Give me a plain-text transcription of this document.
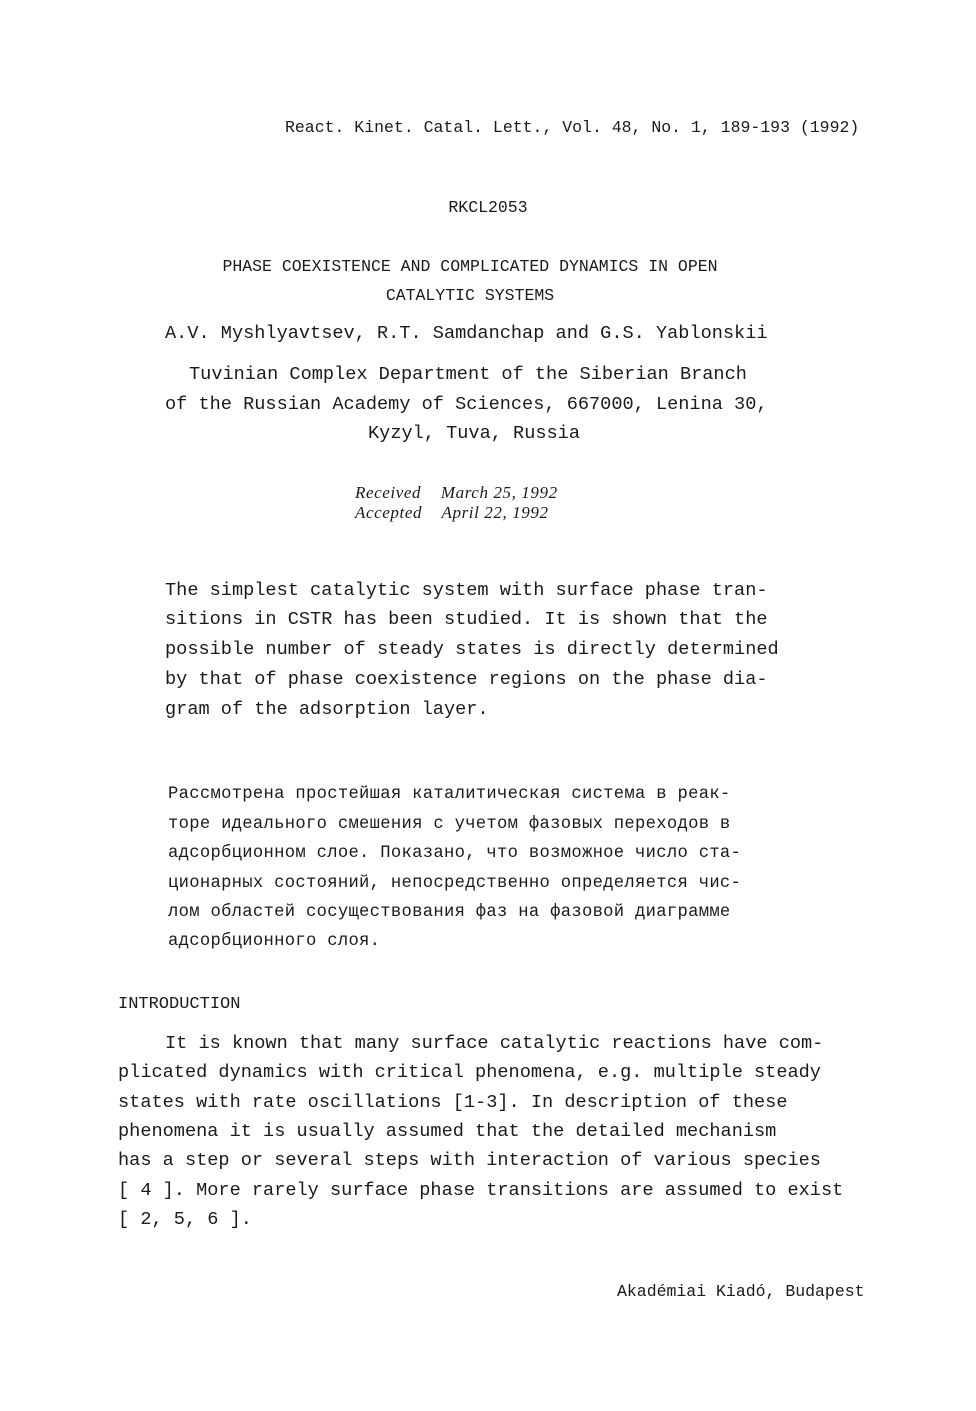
React. Kinet. Catal. Lett., Vol. 48, No. 1, 189-193 (1992)
RKCL2053
PHASE COEXISTENCE AND COMPLICATED DYNAMICS IN OPEN
CATALYTIC SYSTEMS
A.V. Myshlyavtsev, R.T. Samdanchap and G.S. Yablonskii
Tuvinian Complex Department of the Siberian Branch
of the Russian Academy of Sciences, 667000, Lenina 30,
Kyzyl, Tuva, Russia
Received March 25, 1992
Accepted April 22, 1992
The simplest catalytic system with surface phase tran-
sitions in CSTR has been studied. It is shown that the
possible number of steady states is directly determined
by that of phase coexistence regions on the phase dia-
gram of the adsorption layer.
Рассмотрена простейшая каталитическая система в реак-
торе идеального смешения с учетом фазовых переходов в
адсорбционном слое. Показано, что возможное число ста-
ционарных состояний, непосредственно определяется чис-
лом областей сосуществования фаз на фазовой диаграмме
адсорбционного слоя.
INTRODUCTION
It is known that many surface catalytic reactions have com-
plicated dynamics with critical phenomena, e.g. multiple steady
states with rate oscillations [1-3]. In description of these
phenomena it is usually assumed that the detailed mechanism
has a step or several steps with interaction of various species
[ 4 ]. More rarely surface phase transitions are assumed to exist
[ 2, 5, 6 ].
Akadémiai Kiadó, Budapest
